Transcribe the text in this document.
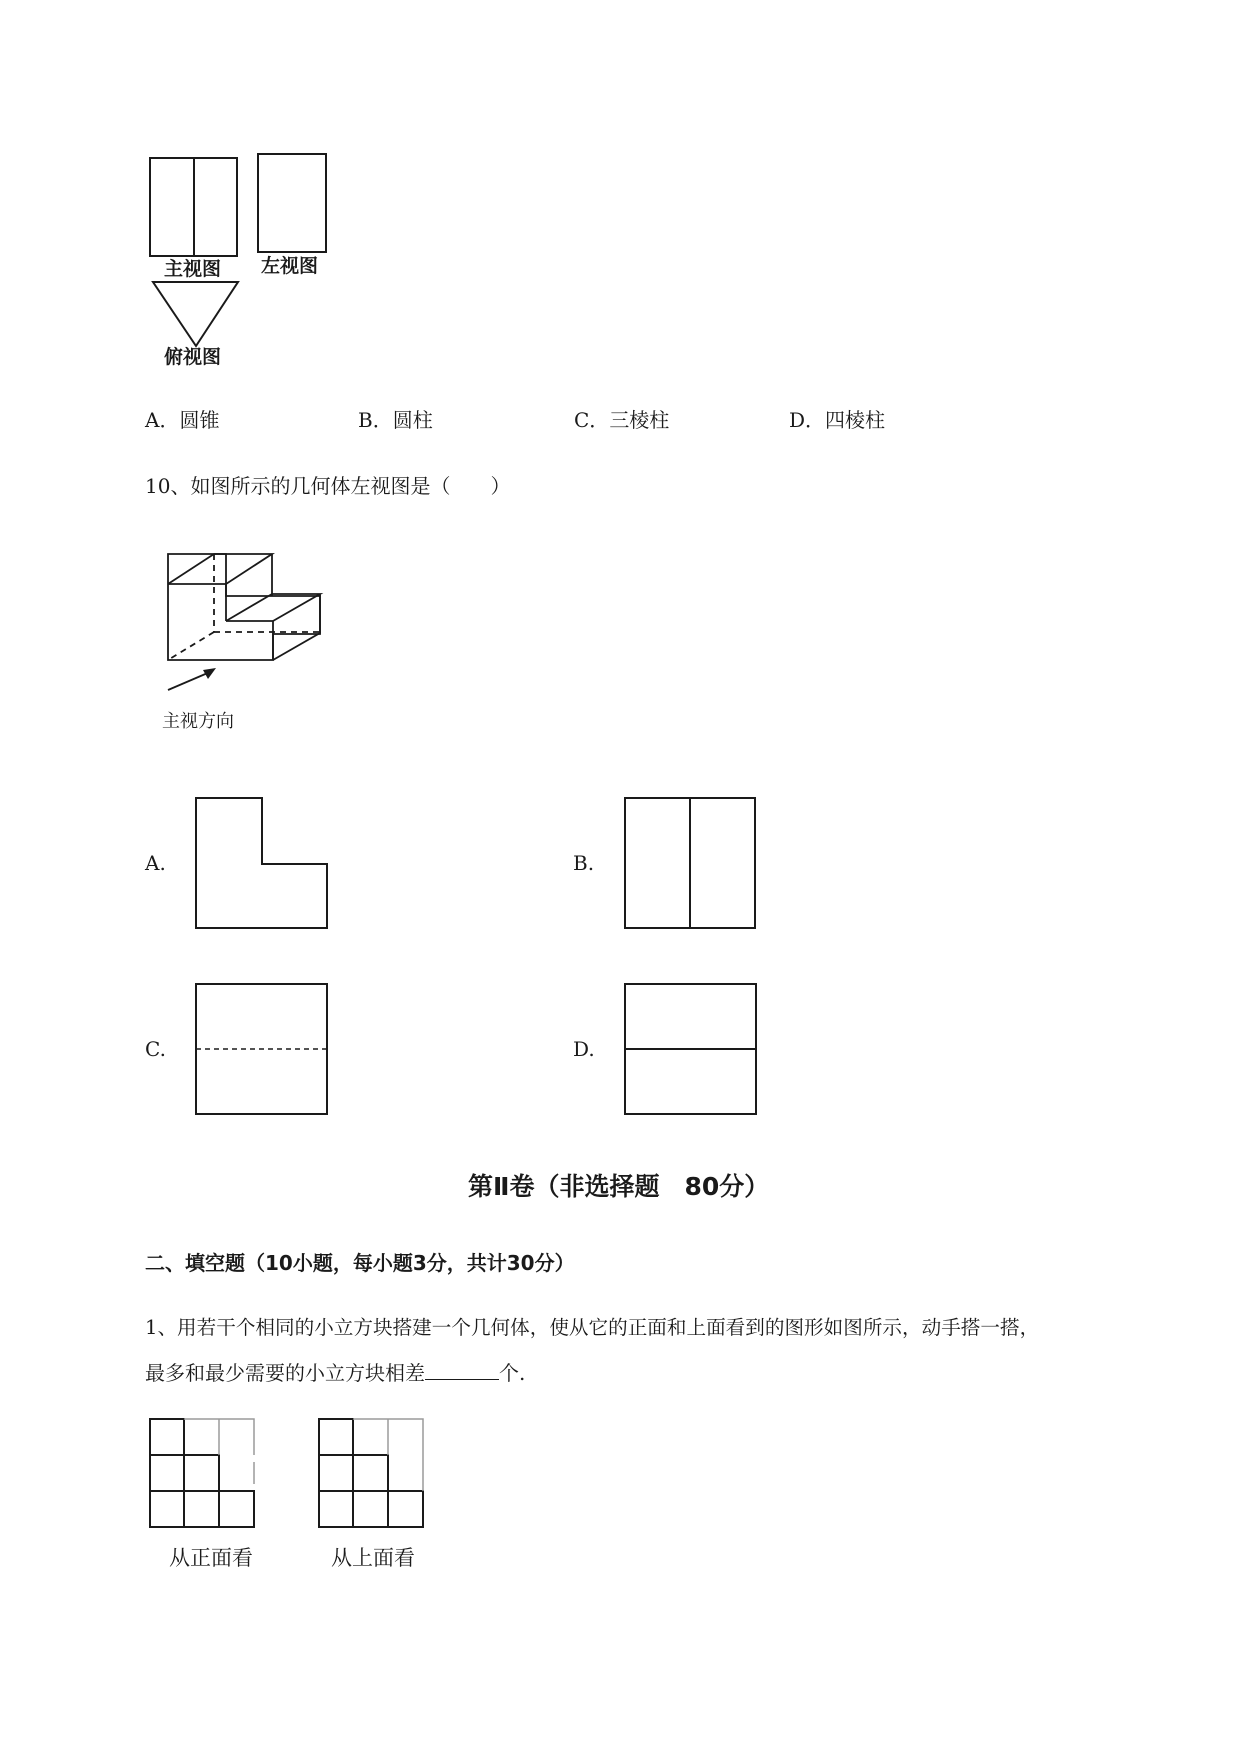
主视图 左视图
俯视图
A．圆锥	B．圆柱	C．三棱柱	D．四棱柱
10、如图所示的几何体左视图是（　　）
主视方向
A.	B.
C.	D.
第Ⅱ卷（非选择题　80分）
二、填空题（10小题，每小题3分，共计30分）
1、用若干个相同的小立方块搭建一个几何体，使从它的正面和上面看到的图形如图所示，动手搭一搭，
最多和最少需要的小立方块相差	个.
从正面看	从上面看
